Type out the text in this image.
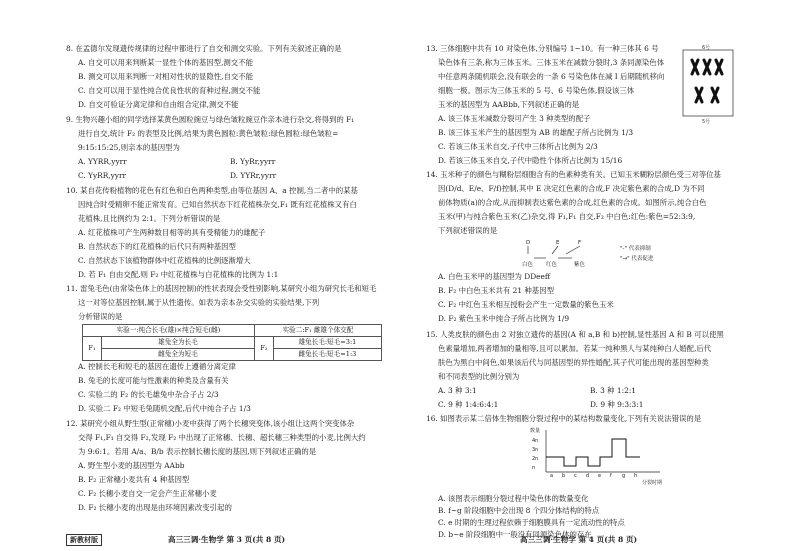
8. 在孟德尔发现遗传规律的过程中都进行了自交和测交实验。下列有关叙述正确的是
A. 自交可以用来判断某一显性个体的基因型,测交不能
B. 测交可以用来判断一对相对性状的显隐性,自交不能
C. 自交可以用于显性纯合优良性状的育种过程,测交不能
D. 自交可验证分离定律和自由组合定律,测交不能
9. 生物兴趣小组的同学选择某黄色圆粒豌豆与绿色皱粒豌豆作亲本进行杂交,将得到的 F₁
进行自交,统计 F₂ 的表型及比例,结果为黄色圆粒:黄色皱粒:绿色圆粒:绿色皱粒=
9:15:15:25,则亲本的基因型为
A. YYRR,yyrr	B. YyRr,yyrr
C. YyRR,yyrr	D. YYRr,yyrr
10. 某自花传粉植物的花色有红色和白色两种类型,由等位基因 A、a 控制,当二者中的某基
因纯合时受精卵不能正常发育。已知自然状态下红花植株杂交,F₁ 既有红花植株又有白
花植株,且比例约为 2:1。下列分析错误的是
A. 红花植株可产生两种数目相等的具有受精能力的雄配子
B. 自然状态下的红花植株的后代只有两种基因型
C. 自然状态下该植物群体中红花植株的比例逐渐增大
D. 若 F₁ 自由交配,则 F₂ 中红花植株与白花植株的比例为 1:1
11. 雷兔毛色(由常染色体上的基因控制)的性状表现会受性别影响,某研究小组为研究长毛和短毛
这一对等位基因控制,属于从性遗传。如表为亲本杂交实验的实验结果,下列
分析错误的是
实验一:纯合长毛(雄)×纯合短毛(雌)		实验二:F₁ 雌雄个体交配	
F₁	雄兔全为长毛	F₂	雄兔长毛:短毛=3:1
	雌兔全为短毛		雌兔长毛:短毛=1:3
A. 控制长毛和短毛的基因在遗传上遵循分离定律
B. 兔毛的长度可能与性激素的种类及含量有关
C. 实验二的 F₂ 的长毛雄兔中杂合子占 2/3
D. 实验二 F₂ 中短毛兔随机交配,后代中纯合子占 1/3
12. 某研究小组从野生型(正常穗)小麦中获得了两个长穗突变体,该小组让这两个突变体杂
交得 F₁,F₁ 自交得 F₂,发现 F₂ 中出现了正常穗、长穗、超长穗三种类型的小麦,比例大约
为 9:6:1。若用 A/a、B/b 表示控制长穗长度的基因,则下列叙述正确的是
A. 野生型小麦的基因型为 AAbb
B. F₂ 正常穗小麦共有 4 种基因型
C. F₂ 长穗小麦自交一定会产生正常穗小麦
D. F₂ 长穗小麦的出现是由环境因素改变引起的
新教材版	高三三调·生物学 第 3 页(共 8 页)
13. 三体细胞中共有 10 对染色体,分别编号 1~10。有一种三体其 6 号
染色体有三条,称为三体玉米。三体玉米在减数分裂时,3 条同源染色体
中任意两条随机联会,没有联会的一条 6 号染色体在减 I 后期随机移向
细胞一极。图示为三体玉米的 5 号、6 号染色体,假设该三体
玉米的基因型为 AABbb,下列叙述正确的是
A. 该三体玉米减数分裂可产生 3 种类型的配子
B. 该三体玉米产生的基因型为 AB 的雄配子所占比例为 1/3
C. 若该三体玉米自交,子代中三体所占比例为 2/3
D. 若该三体玉米自交,子代中隐性个体所占比例为 15/16
6号
5号
14. 玉米种子的颜色与糊粉层细胞含有的色素种类有关。已知玉米糊粉层颜色受三对等位基
因(D/d、E/e、F/f)控制,其中 E 决定红色素的合成,F 决定紫色素的合成,D 为不同
前体物质(a)的合成,从而抑制表达紫色素的合成,红色素的合成。如图所示,纯合白色
玉米(甲)与纯合紫色玉米(乙)杂交,得 F₁,F₁ 自交,F₂ 中白色:红色:紫色=52:3:9,
下列叙述错误的是
D	E	F
白色 红色	紫色
"-" 代表抑制
"→" 代表促进
A. 白色玉米甲的基因型为 DDeeff
B. F₂ 中白色玉米共有 21 种基因型
C. F₂ 中红色玉米相互授粉会产生一定数量的紫色玉米
D. F₂ 紫色玉米中纯合子所占比例为 1/9
15. 人类皮肤的颜色由 2 对独立遗传的基因(A 和 a,B 和 b)控制,显性基因 A 和 B 可以使黑
色素量增加,两者增加的量相等,且可以累加。若某一纯种黑人与某纯种白人婚配,后代
肤色为黑白中间色,如果该后代与同基因型的异性婚配,其子代可能出现的基因型种类
和不同表型的比例分别为
A. 3 种 3:1	B. 3 种 1:2:1
C. 9 种 1:4:6:4:1	D. 9 种 9:3:3:1
16. 如图表示某二倍体生物细胞分裂过程中的某结构数量变化,下列有关说法错误的是
数量
分裂时期
4n
3n
2n
n
a b c d e f g h
A. 该图表示细胞分裂过程中染色体的数量变化
B. f~g 阶段细胞中会出现 8 个四分体结构的特点
C. e 时期的生理过程依赖于细胞膜具有一定流动性的特点
D. b~e 阶段细胞中一般没有同源染色体的存在
高三三调·生物学 第 4 页(共 8 页)
